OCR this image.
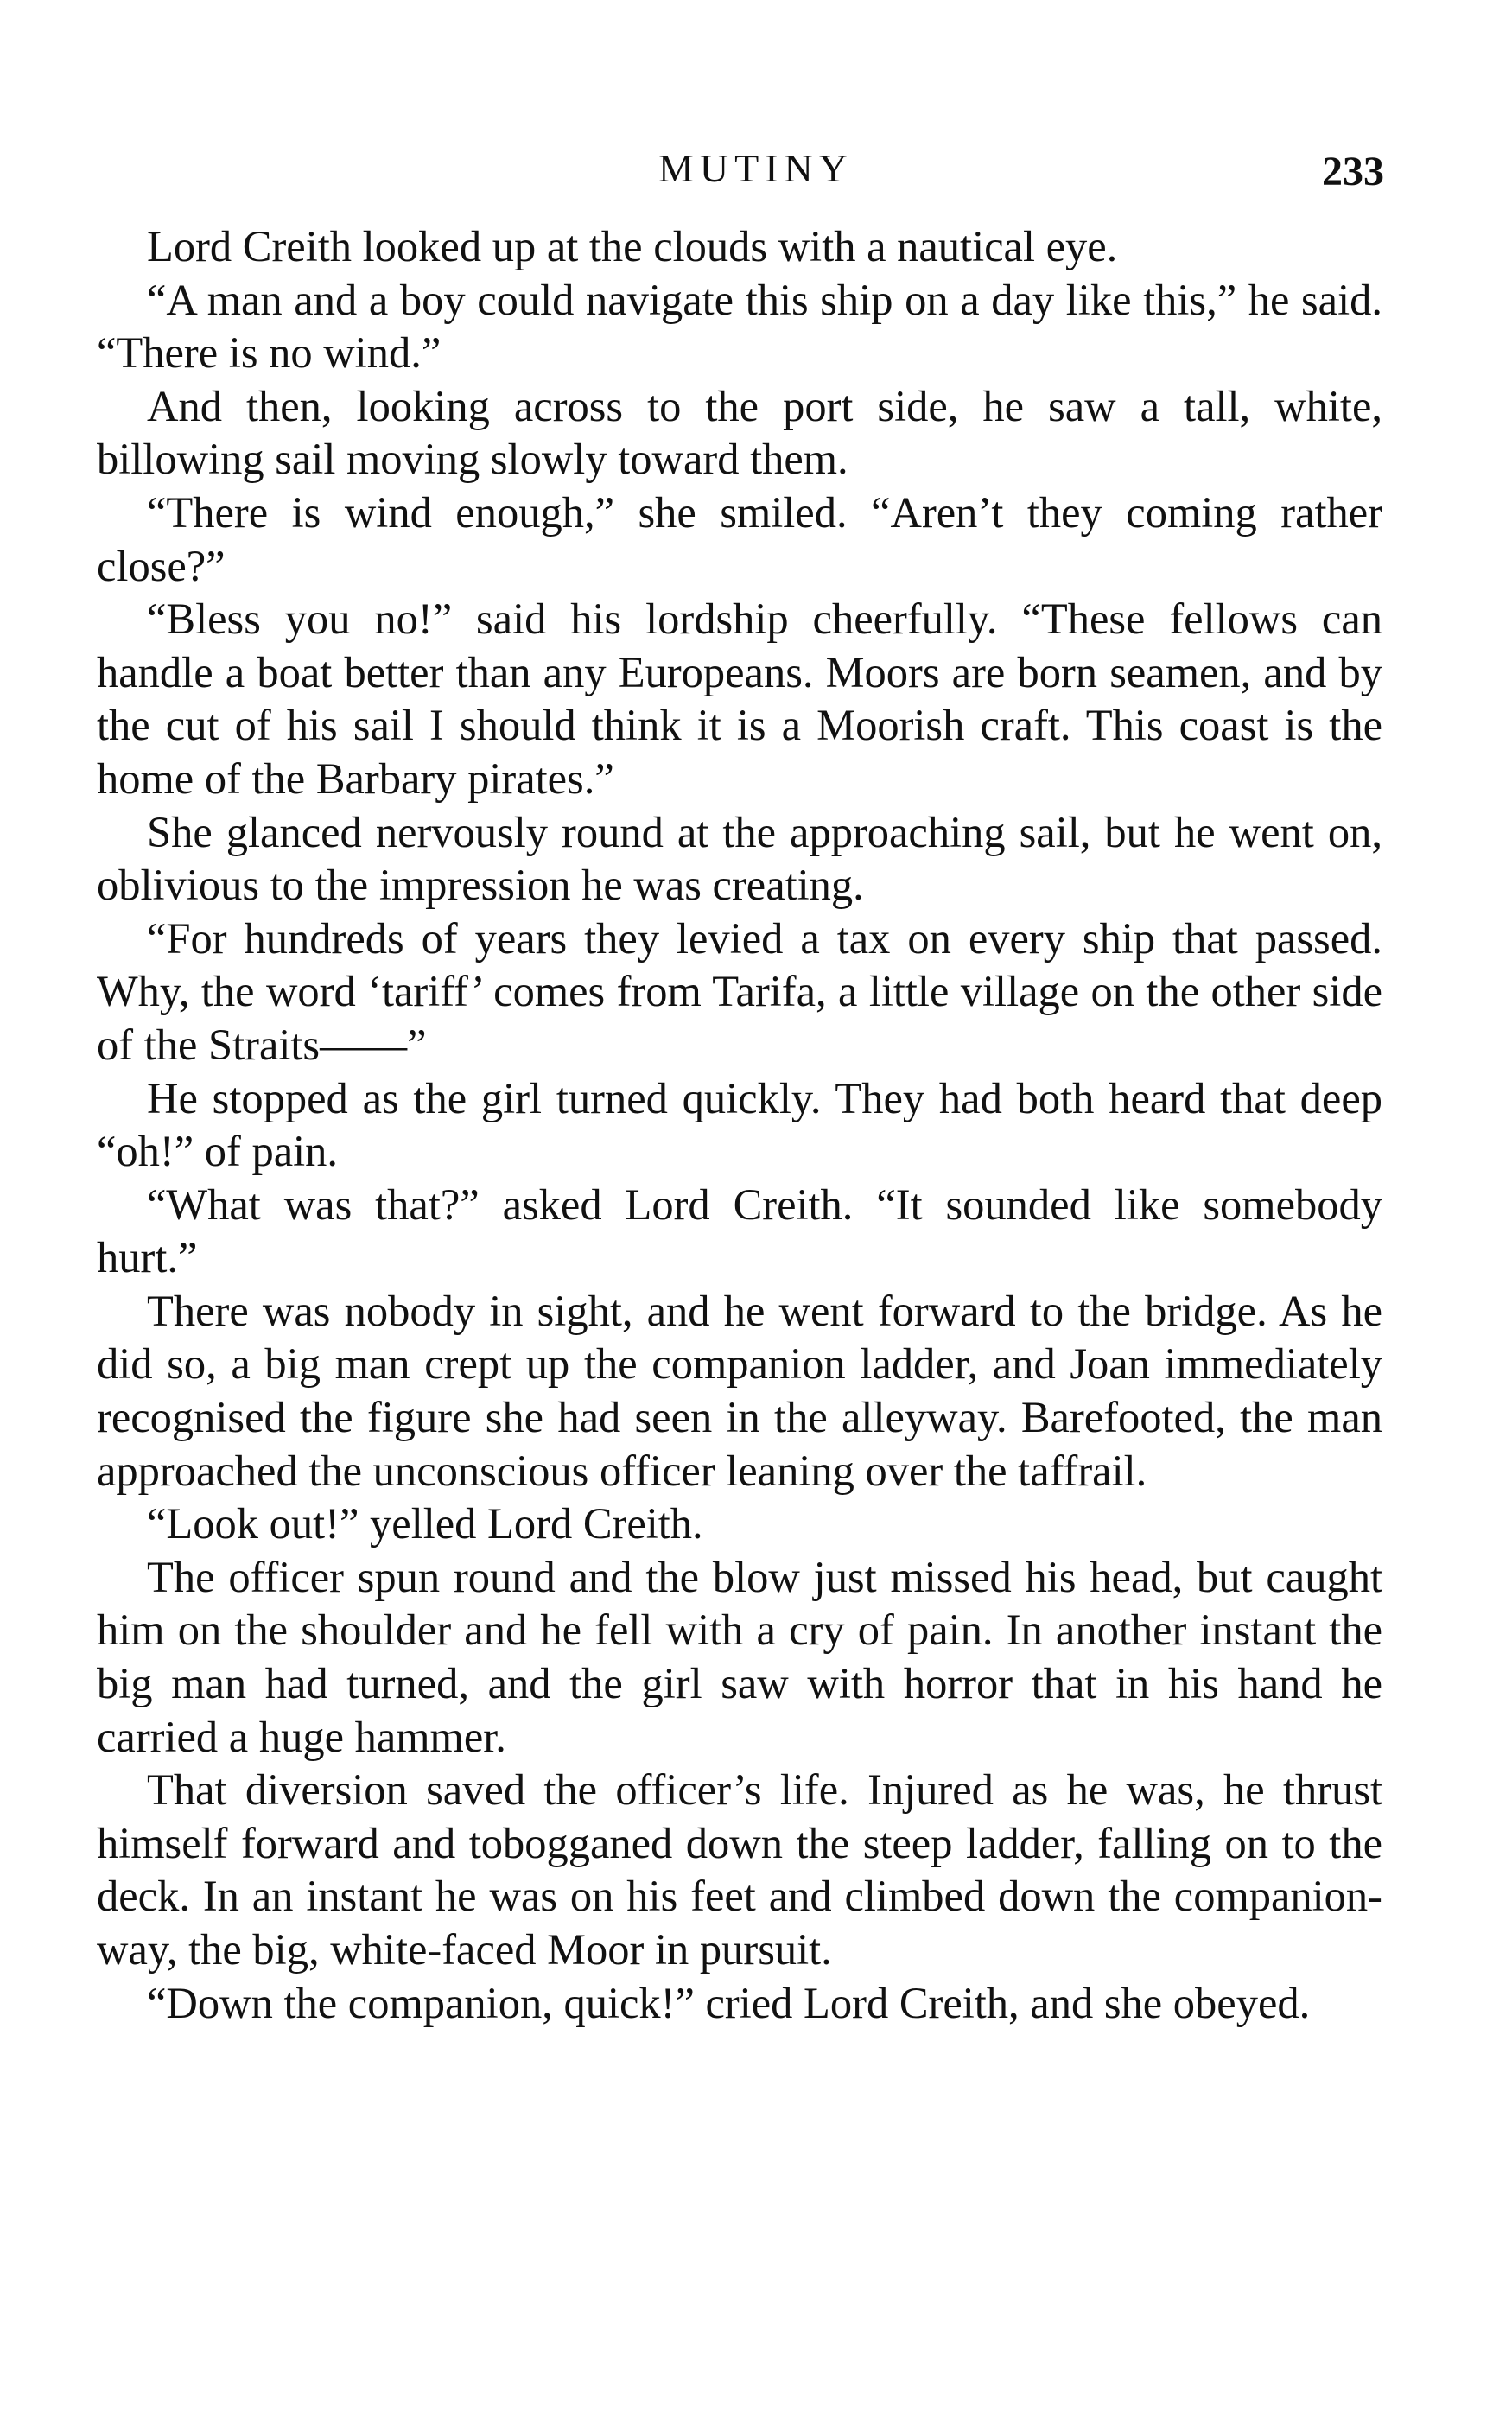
MUTINY	233

Lord Creith looked up at the clouds with a nautical eye.

“A man and a boy could navigate this ship on a day like this,” he said. “There is no wind.”

And then, looking across to the port side, he saw a tall, white, billowing sail moving slowly toward them.

“There is wind enough,” she smiled. “Aren’t they coming rather close?”

“Bless you no!” said his lordship cheerfully. “These fellows can handle a boat better than any Europeans. Moors are born seamen, and by the cut of his sail I should think it is a Moorish craft. This coast is the home of the Barbary pirates.”

She glanced nervously round at the approaching sail, but he went on, oblivious to the impression he was creating.

“For hundreds of years they levied a tax on every ship that passed. Why, the word ‘tariff’ comes from Tarifa, a little village on the other side of the Straits——”

He stopped as the girl turned quickly. They had both heard that deep “oh!” of pain.

“What was that?” asked Lord Creith. “It sounded like somebody hurt.”

There was nobody in sight, and he went forward to the bridge. As he did so, a big man crept up the companion ladder, and Joan immediately recognised the figure she had seen in the alleyway. Barefooted, the man approached the unconscious officer leaning over the taffrail.

“Look out!” yelled Lord Creith.

The officer spun round and the blow just missed his head, but caught him on the shoulder and he fell with a cry of pain. In another instant the big man had turned, and the girl saw with horror that in his hand he carried a huge hammer.

That diversion saved the officer’s life. Injured as he was, he thrust himself forward and tobogganed down the steep ladder, falling on to the deck. In an instant he was on his feet and climbed down the companion-way, the big, white-faced Moor in pursuit.

“Down the companion, quick!” cried Lord Creith, and she obeyed.
